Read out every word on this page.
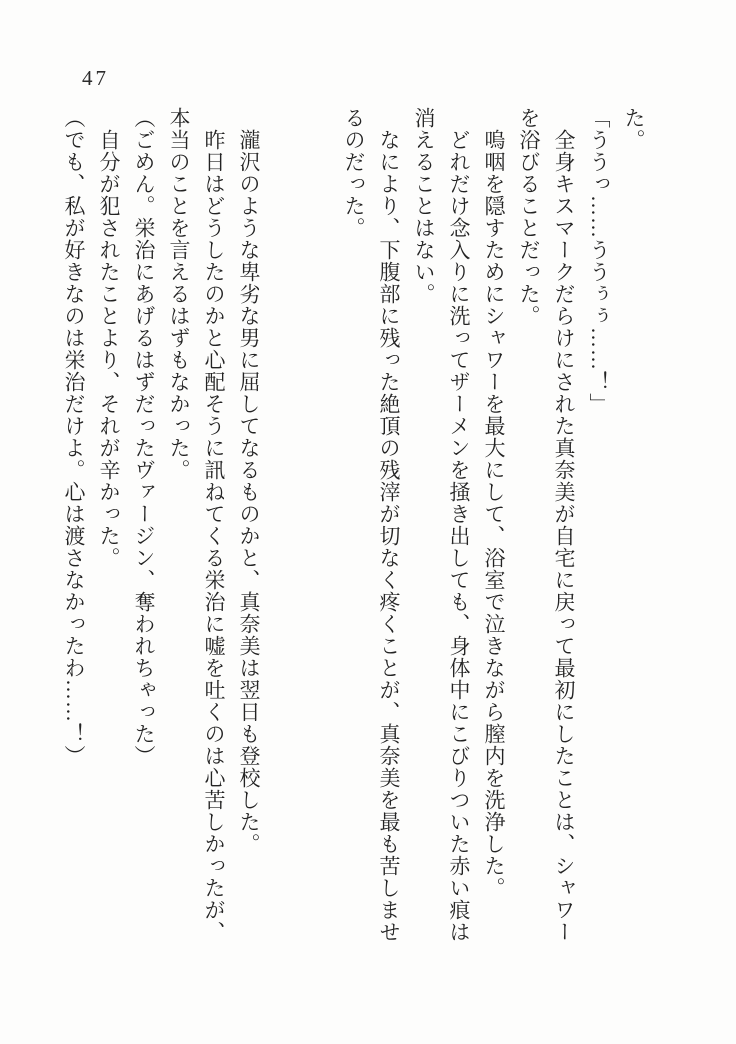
47
た。
「ううっ……ううぅぅ……！」
全身キスマークだらけにされた真奈美が自宅に戻って最初にしたことは、シャワー
を浴びることだった。
嗚咽を隠すためにシャワーを最大にして、浴室で泣きながら膣内を洗浄した。
どれだけ念入りに洗ってザーメンを掻き出しても、身体中にこびりついた赤い痕は
消えることはない。
なにより、下腹部に残った絶頂の残滓が切なく疼くことが、真奈美を最も苦しませ
るのだった。
瀧沢のような卑劣な男に屈してなるものかと、真奈美は翌日も登校した。
昨日はどうしたのかと心配そうに訊ねてくる栄治に嘘を吐くのは心苦しかったが、
本当のことを言えるはずもなかった。
（ごめん。栄治にあげるはずだったヴァージン、奪われちゃった）
自分が犯されたことより、それが辛かった。
（でも、私が好きなのは栄治だけよ。心は渡さなかったわ……！）
